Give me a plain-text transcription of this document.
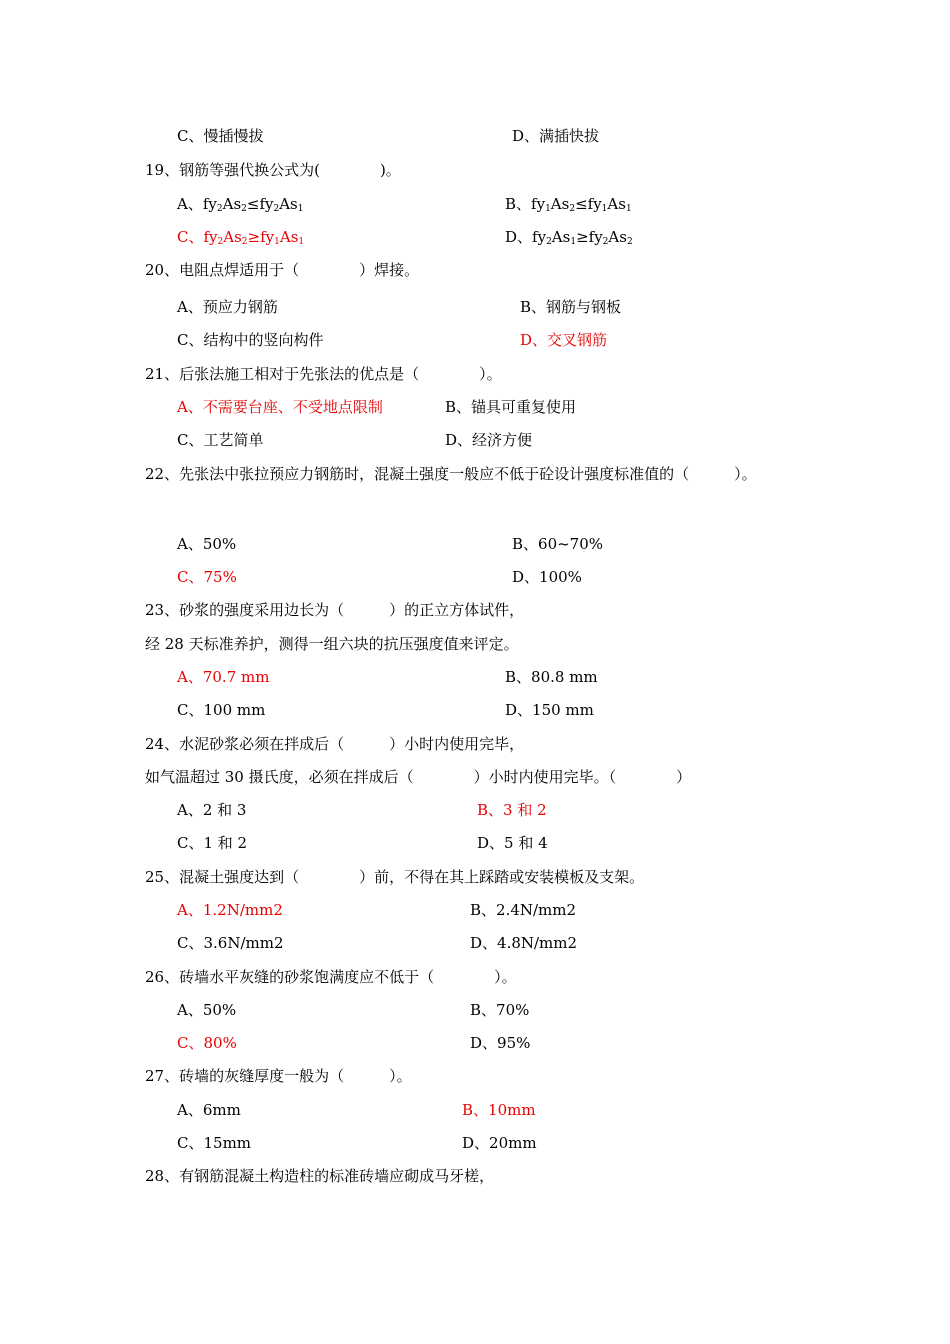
C、慢插慢拔	D、满插快拔
19、钢筋等强代换公式为(　　　　)。
A、$fy_2As_2\le fy_2As_1$	B、$fy_1As_2\le fy_1As_1$
C、$fy_2As_2\ge fy_1As_1$	D、$fy_2As_1\ge fy_2As_2$
20、电阻点焊适用于（　　　　）焊接。
A、预应力钢筋	B、钢筋与钢板
C、结构中的竖向构件	D、交叉钢筋
21、后张法施工相对于先张法的优点是（　　　　）。
A、不需要台座、不受地点限制	B、锚具可重复使用
C、工艺简单	D、经济方便
22、先张法中张拉预应力钢筋时，混凝土强度一般应不低于砼设计强度标准值的（　　　）。
A、50%	B、60~70%
C、75%	D、100%
23、砂浆的强度采用边长为（　　　）的正立方体试件，
经 28 天标准养护，测得一组六块的抗压强度值来评定。
A、70.7 mm	B、80.8 mm
C、100 mm	D、150 mm
24、水泥砂浆必须在拌成后（　　　）小时内使用完毕，
如气温超过 30 摄氏度，必须在拌成后（　　　　）小时内使用完毕。（　　　　）
A、2 和 3	B、3 和 2
C、1 和 2	D、5 和 4
25、混凝土强度达到（　　　　）前，不得在其上踩踏或安装模板及支架。
A、1.2N/mm2	B、2.4N/mm2
C、3.6N/mm2	D、4.8N/mm2
26、砖墙水平灰缝的砂浆饱满度应不低于（　　　　）。
A、50%	B、70%
C、80%	D、95%
27、砖墙的灰缝厚度一般为（　　　）。
A、6mm	B、10mm
C、15mm	D、20mm
28、有钢筋混凝土构造柱的标准砖墙应砌成马牙槎，
